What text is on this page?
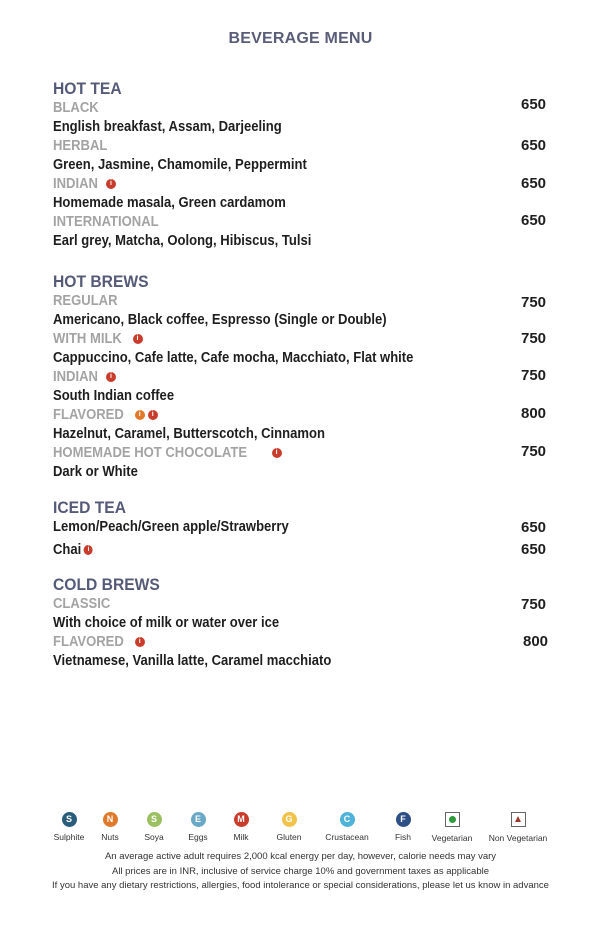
BEVERAGE MENU
HOT TEA
BLACK	650
English breakfast, Assam, Darjeeling
HERBAL	650
Green, Jasmine, Chamomile, Peppermint
INDIAN	i	650
Homemade masala, Green cardamom
INTERNATIONAL	650
Earl grey, Matcha, Oolong, Hibiscus, Tulsi
HOT BREWS
REGULAR	750
Americano, Black coffee, Espresso (Single or Double)
WITH MILK	i	750
Cappuccino, Cafe latte, Cafe mocha, Macchiato, Flat white
INDIAN	i	750
South Indian coffee
FLAVORED	i	i	800
Hazelnut, Caramel, Butterscotch, Cinnamon
HOMEMADE HOT CHOCOLATE	i	750
Dark or White
ICED TEA
Lemon/Peach/Green apple/Strawberry	650
Chai i	650
COLD BREWS
CLASSIC	750
With choice of milk or water over ice
FLAVORED	i	800
Vietnamese, Vanilla latte, Caramel macchiato
S
Sulphite
N
Nuts
S
Soya
E
Eggs
M
Milk
G
Gluten
C
Crustacean
F
Fish	Vegetarian	Non Vegetarian
An average active adult requires 2,000 kcal energy per day, however, calorie needs may vary
All prices are in INR, inclusive of service charge 10% and government taxes as applicable
If you have any dietary restrictions, allergies, food intolerance or special considerations, please let us know in advance
